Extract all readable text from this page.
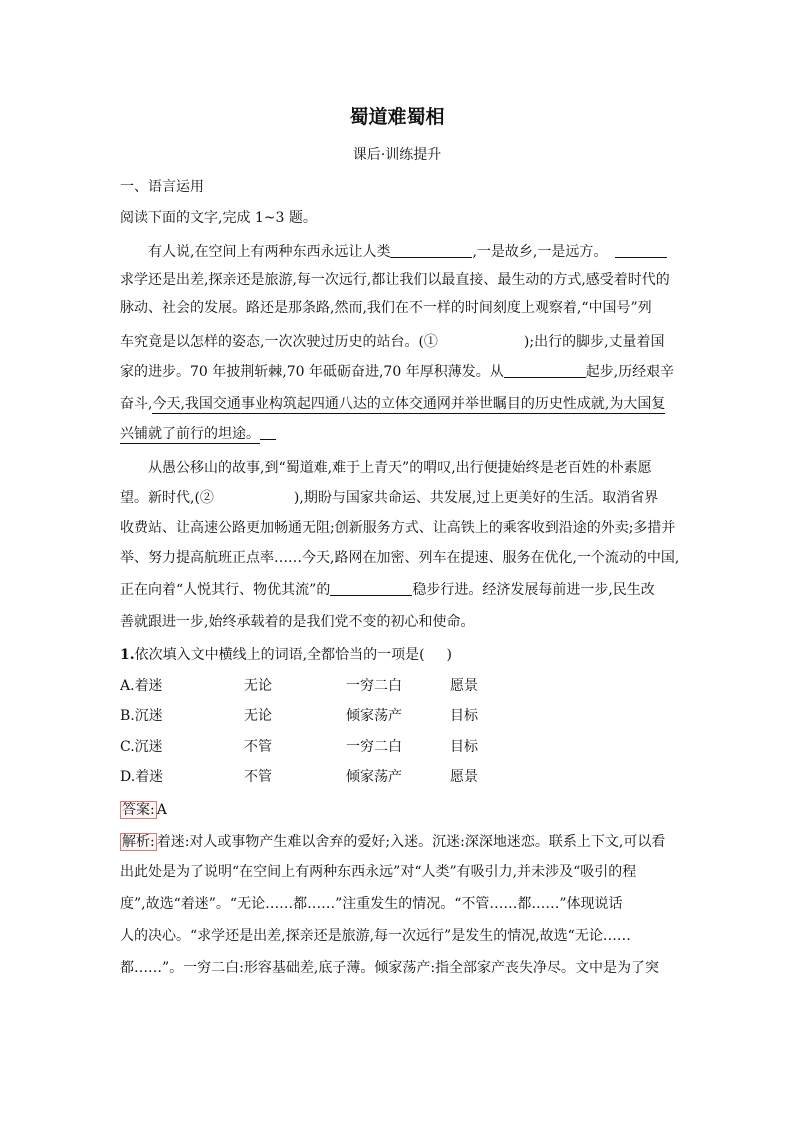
蜀道难蜀相
课后·训练提升
一、语言运用
阅读下面的文字,完成 1~3 题。
有人说,在空间上有两种东西永远让人类	,一是故乡,一是远方。
求学还是出差,探亲还是旅游,每一次远行,都让我们以最直接、最生动的方式,感受着时代的
脉动、社会的发展。路还是那条路,然而,我们在不一样的时间刻度上观察着,“中国号”列
车究竟是以怎样的姿态,一次次驶过历史的站台。(①	);出行的脚步,丈量着国
家的进步。70 年披荆斩棘,70 年砥砺奋进,70 年厚积薄发。从	起步,历经艰辛
奋斗,今天,我国交通事业构筑起四通八达的立体交通网并举世瞩目的历史性成就,为大国复
兴铺就了前行的坦途。
从愚公移山的故事,到“蜀道难,难于上青天”的喟叹,出行便捷始终是老百姓的朴素愿
望。新时代,(②	),期盼与国家共命运、共发展,过上更美好的生活。取消省界
收费站、让高速公路更加畅通无阻;创新服务方式、让高铁上的乘客收到沿途的外卖;多措并
举、努力提高航班正点率……今天,路网在加密、列车在提速、服务在优化,一个流动的中国,
正在向着“人悦其行、物优其流”的	稳步行进。经济发展每前进一步,民生改
善就跟进一步,始终承载着的是我们党不变的初心和使命。
1.依次填入文中横线上的词语,全都恰当的一项是( )
A.着迷	无论	一穷二白	愿景
B.沉迷	无论	倾家荡产	目标
C.沉迷	不管	一穷二白	目标
D.着迷	不管	倾家荡产	愿景
答案: A
解析: 着迷:对人或事物产生难以舍弃的爱好;入迷。沉迷:深深地迷恋。联系上下文,可以看
出此处是为了说明“在空间上有两种东西永远”对“人类”有吸引力,并未涉及“吸引的程
度”,故选“着迷”。“无论……都……”注重发生的情况。“不管……都……”体现说话
人的决心。“求学还是出差,探亲还是旅游,每一次远行”是发生的情况,故选“无论……
都……”。一穷二白:形容基础差,底子薄。倾家荡产:指全部家产丧失净尽。文中是为了突
